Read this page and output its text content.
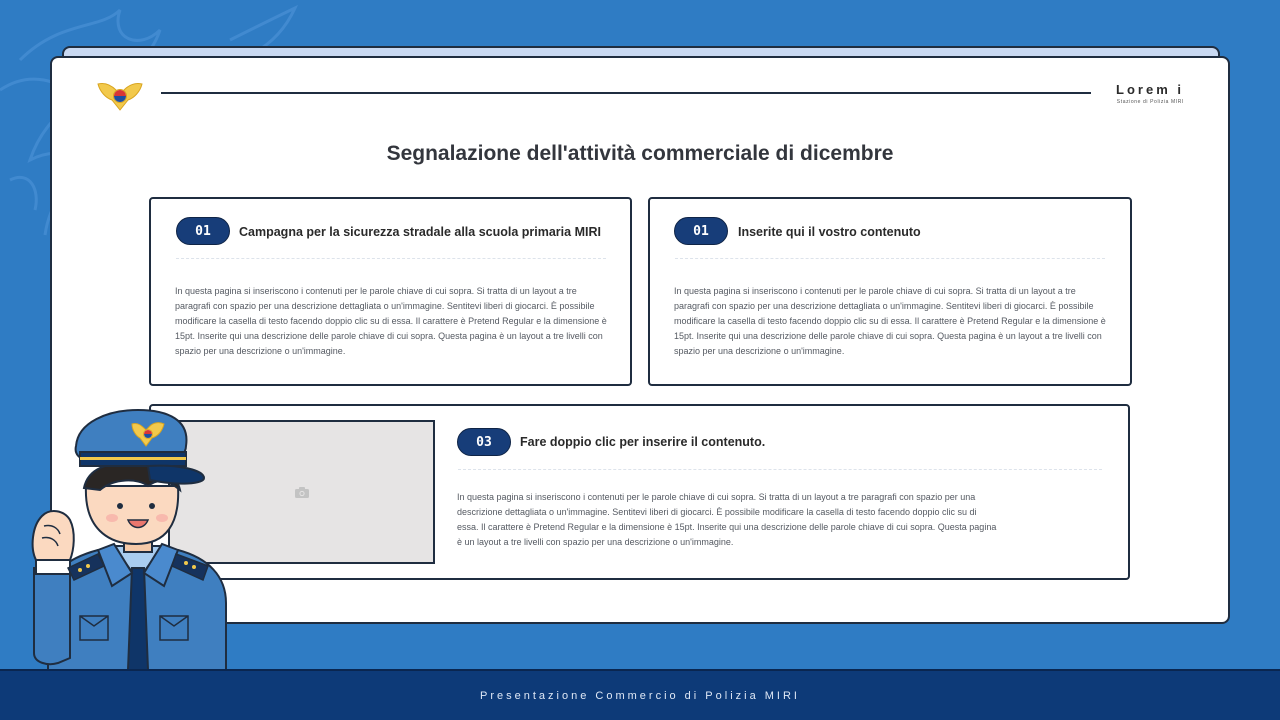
Lorem i
Stazione di Polizia MIRI
Segnalazione dell'attività commerciale di dicembre
01	Campagna per la sicurezza stradale alla scuola primaria MIRI
In questa pagina si inseriscono i contenuti per le parole chiave di cui sopra. Si tratta di un layout a tre paragrafi con spazio per una descrizione dettagliata o un'immagine. Sentitevi liberi di giocarci. È possibile modificare la casella di testo facendo doppio clic su di essa. Il carattere è Pretend Regular e la dimensione è 15pt. Inserite qui una descrizione delle parole chiave di cui sopra. Questa pagina è un layout a tre livelli con spazio per una descrizione o un'immagine.
01	Inserite qui il vostro contenuto
In questa pagina si inseriscono i contenuti per le parole chiave di cui sopra. Si tratta di un layout a tre paragrafi con spazio per una descrizione dettagliata o un'immagine. Sentitevi liberi di giocarci. È possibile modificare la casella di testo facendo doppio clic su di essa. Il carattere è Pretend Regular e la dimensione è 15pt. Inserite qui una descrizione delle parole chiave di cui sopra. Questa pagina è un layout a tre livelli con spazio per una descrizione o un'immagine.
03	Fare doppio clic per inserire il contenuto.
In questa pagina si inseriscono i contenuti per le parole chiave di cui sopra. Si tratta di un layout a tre paragrafi con spazio per una descrizione dettagliata o un'immagine. Sentitevi liberi di giocarci. È possibile modificare la casella di testo facendo doppio clic su di essa. Il carattere è Pretend Regular e la dimensione è 15pt. Inserite qui una descrizione delle parole chiave di cui sopra. Questa pagina è un layout a tre livelli con spazio per una descrizione o un'immagine.
Presentazione Commercio di Polizia MIRI
